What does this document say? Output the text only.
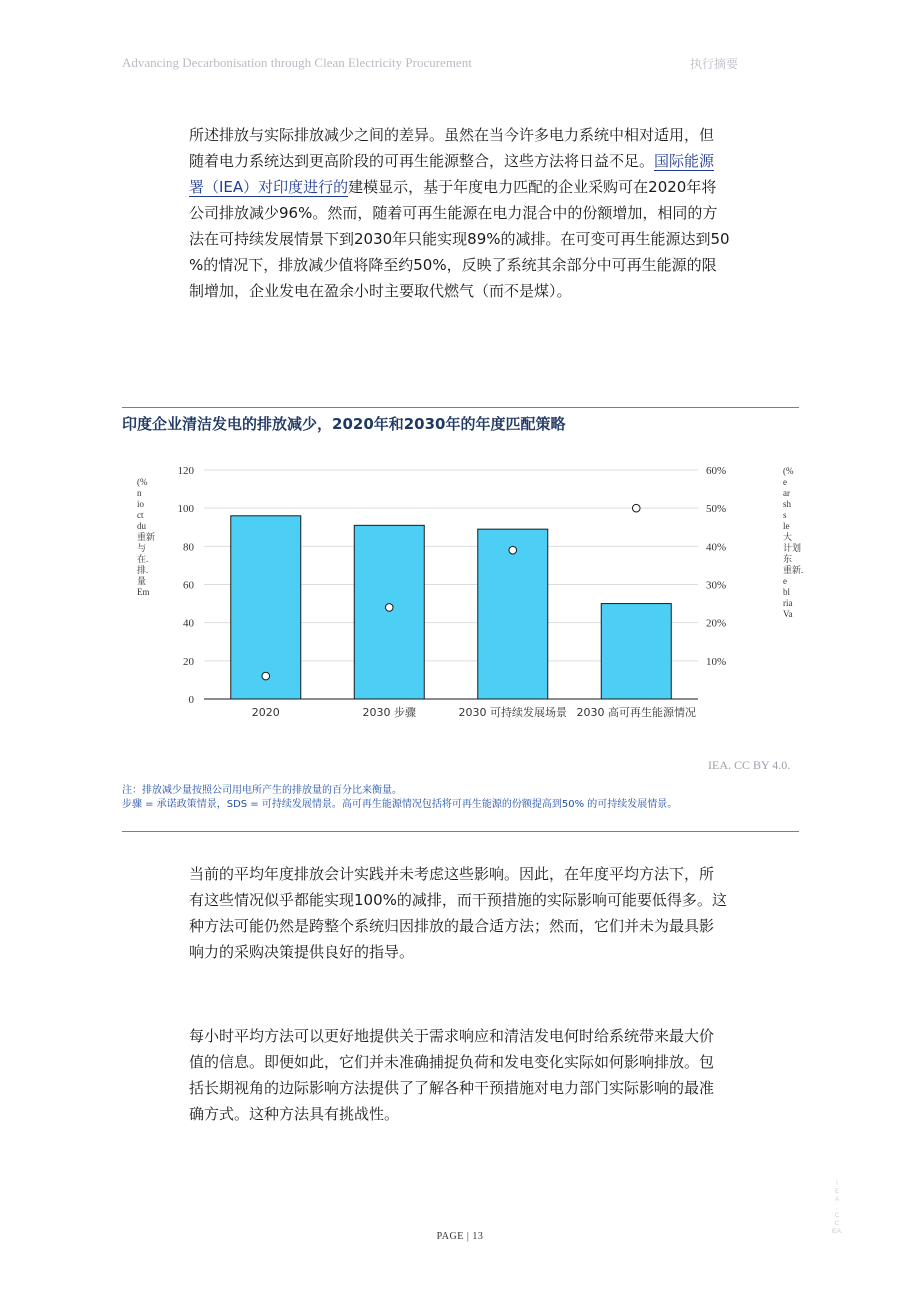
Advancing Decarbonisation through Clean Electricity Procurement	执行摘要
所述排放与实际排放减少之间的差异。虽然在当今许多电力系统中相对适用，但
随着电力系统达到更高阶段的可再生能源整合，这些方法将日益不足。国际能源
署（IEA）对印度进行的建模显示，基于年度电力匹配的企业采购可在2020年将
公司排放减少96%。然而，随着可再生能源在电力混合中的份额增加，相同的方
法在可持续发展情景下到2030年只能实现89%的减排。在可变可再生能源达到50
%的情况下，排放减少值将降至约50%，反映了系统其余部分中可再生能源的限
制增加，企业发电在盈余小时主要取代燃气（而不是煤）。
印度企业清洁发电的排放减少，2020年和2030年的年度匹配策略
(%
n
io
ct
du
重新
与
在.
排.
量
Em
(%
e
ar
sh
s
le
大
计划
东
重新.
e
bl
ria
Va
0
20
40
60
80
100
120
10%
20%
30%
40%
50%
60%
2020	2030 步骤	2030 可持续发展场景 2030 高可再生能源情况
IEA. CC BY 4.0.
注：排放减少量按照公司用电所产生的排放量的百分比来衡量。
步骤 = 承诺政策情景，SDS = 可持续发展情景。高可再生能源情况包括将可再生能源的份额提高到50% 的可持续发展情景。
当前的平均年度排放会计实践并未考虑这些影响。因此，在年度平均方法下，所
有这些情况似乎都能实现100%的减排，而干预措施的实际影响可能要低得多。这
种方法可能仍然是跨整个系统归因排放的最合适方法；然而，它们并未为最具影
响力的采购决策提供良好的指导。
每小时平均方法可以更好地提供关于需求响应和清洁发电何时给系统带来最大价
值的信息。即便如此，它们并未准确捕捉负荷和发电变化实际如何影响排放。包
括长期视角的边际影响方法提供了了解各种干预措施对电力部门实际影响的最准
确方式。这种方法具有挑战性。
I
E
A
.
C
C
IEA.
PAGE | 13
